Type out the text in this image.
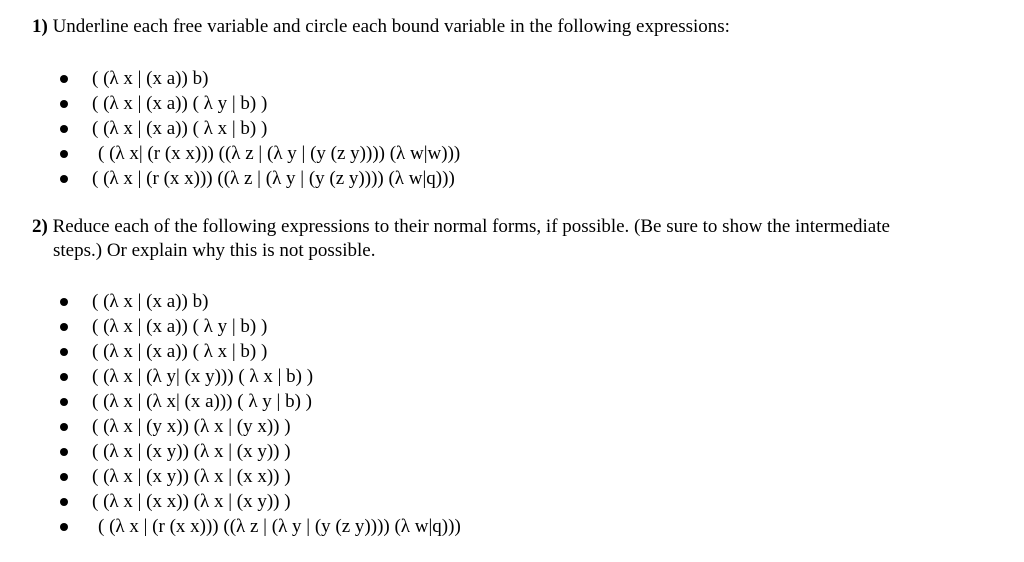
1) Underline each free variable and circle each bound variable in the following expressions:
( (λ x | (x a)) b)
( (λ x | (x a)) ( λ y | b) )
( (λ x | (x a)) ( λ x | b) )
( (λ x| (r (x x))) ((λ z | (λ y | (y (z y)))) (λ w|w)))
( (λ x | (r (x x))) ((λ z | (λ y | (y (z y)))) (λ w|q)))
2) Reduce each of the following expressions to their normal forms, if possible. (Be sure to show the intermediate
steps.) Or explain why this is not possible.
( (λ x | (x a)) b)
( (λ x | (x a)) ( λ y | b) )
( (λ x | (x a)) ( λ x | b) )
( (λ x | (λ y| (x y))) ( λ x | b) )
( (λ x | (λ x| (x a))) ( λ y | b) )
( (λ x | (y x)) (λ x | (y x)) )
( (λ x | (x y)) (λ x | (x y)) )
( (λ x | (x y)) (λ x | (x x)) )
( (λ x | (x x)) (λ x | (x y)) )
( (λ x | (r (x x))) ((λ z | (λ y | (y (z y)))) (λ w|q)))
